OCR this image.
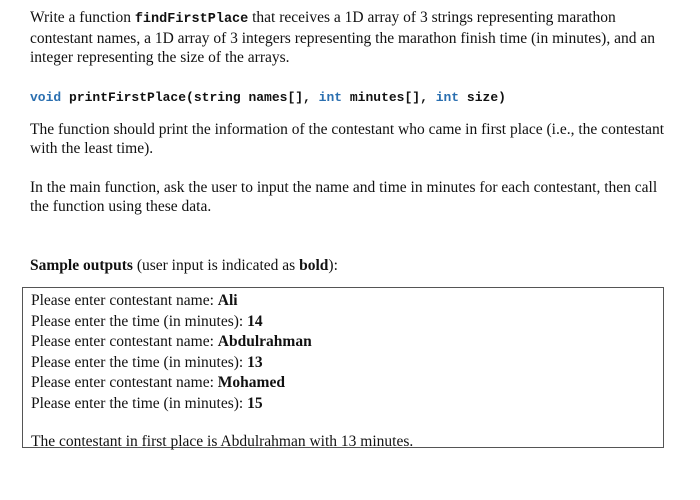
Write a function findFirstPlace that receives a 1D array of 3 strings representing marathon contestant names, a 1D array of 3 integers representing the marathon finish time (in minutes), and an integer representing the size of the arrays.

void printFirstPlace(string names[], int minutes[], int size)

The function should print the information of the contestant who came in first place (i.e., the contestant with the least time).

In the main function, ask the user to input the name and time in minutes for each contestant, then call the function using these data.

Sample outputs (user input is indicated as bold):

Please enter contestant name: Ali

Please enter the time (in minutes): 14

Please enter contestant name: Abdulrahman

Please enter the time (in minutes): 13

Please enter contestant name: Mohamed

Please enter the time (in minutes): 15

The contestant in first place is Abdulrahman with 13 minutes.
